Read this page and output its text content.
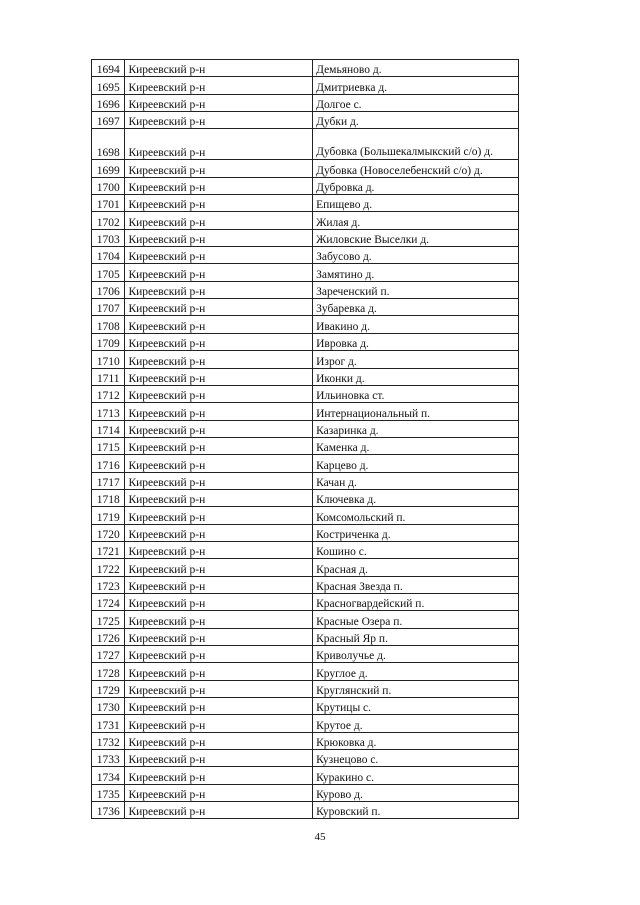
1694	Киреевский р-н	Демьяново д.
1695	Киреевский р-н	Дмитриевка д.
1696	Киреевский р-н	Долгое с.
1697	Киреевский р-н	Дубки д.
1698	Киреевский р-н	Дубовка (Большекалмыкский с/о) д.
1699	Киреевский р-н	Дубовка (Новоселебенский с/о) д.
1700	Киреевский р-н	Дубровка д.
1701	Киреевский р-н	Епищево д.
1702	Киреевский р-н	Жилая д.
1703	Киреевский р-н	Жиловские Выселки д.
1704	Киреевский р-н	Забусово д.
1705	Киреевский р-н	Замятино д.
1706	Киреевский р-н	Зареченский п.
1707	Киреевский р-н	Зубаревка д.
1708	Киреевский р-н	Ивакино д.
1709	Киреевский р-н	Ивровка д.
1710	Киреевский р-н	Изрог д.
1711	Киреевский р-н	Иконки д.
1712	Киреевский р-н	Ильиновка ст.
1713	Киреевский р-н	Интернациональный п.
1714	Киреевский р-н	Казаринка д.
1715	Киреевский р-н	Каменка д.
1716	Киреевский р-н	Карцево д.
1717	Киреевский р-н	Качан д.
1718	Киреевский р-н	Ключевка д.
1719	Киреевский р-н	Комсомольский п.
1720	Киреевский р-н	Костриченка д.
1721	Киреевский р-н	Кошино с.
1722	Киреевский р-н	Красная д.
1723	Киреевский р-н	Красная Звезда п.
1724	Киреевский р-н	Красногвардейский п.
1725	Киреевский р-н	Красные Озера п.
1726	Киреевский р-н	Красный Яр п.
1727	Киреевский р-н	Криволучье д.
1728	Киреевский р-н	Круглое д.
1729	Киреевский р-н	Круглянский п.
1730	Киреевский р-н	Крутицы с.
1731	Киреевский р-н	Крутое д.
1732	Киреевский р-н	Крюковка д.
1733	Киреевский р-н	Кузнецово с.
1734	Киреевский р-н	Куракино с.
1735	Киреевский р-н	Курово д.
1736	Киреевский р-н	Куровский п.
45
